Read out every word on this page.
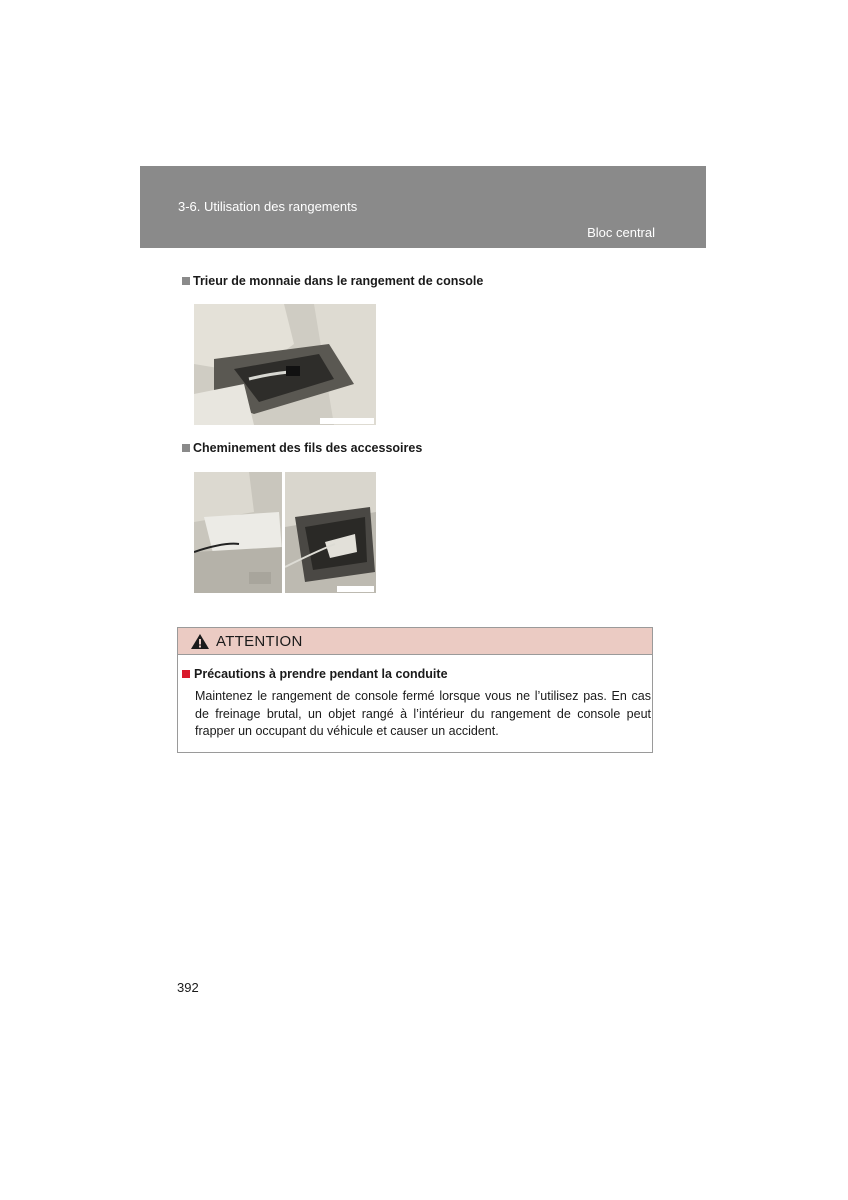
3-6. Utilisation des rangements
Bloc central
Trieur de monnaie dans le rangement de console
Cheminement des fils des accessoires
ATTENTION
Précautions à prendre pendant la conduite
Maintenez le rangement de console fermé lorsque vous ne l’utilisez pas. En cas de freinage brutal, un objet rangé à l’intérieur du rangement de console peut frapper un occupant du véhicule et causer un accident.
392
